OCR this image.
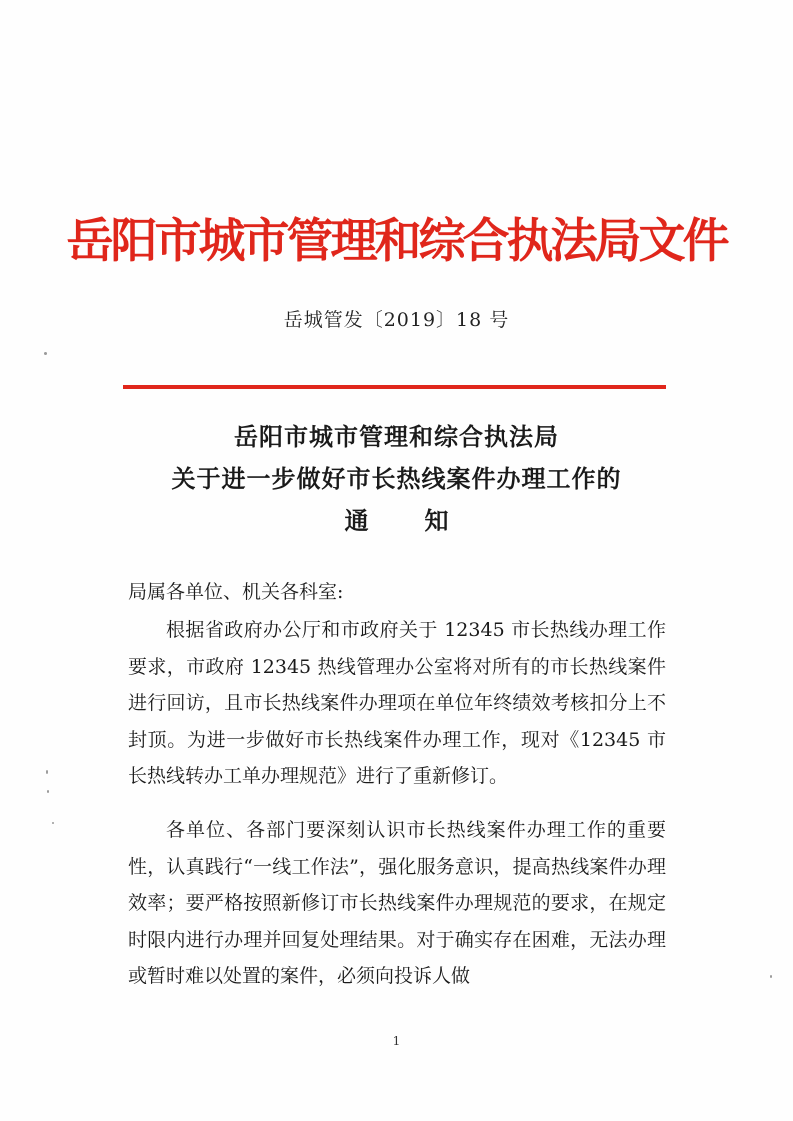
岳阳市城市管理和综合执法局文件
岳城管发〔2019〕18 号
岳阳市城市管理和综合执法局
关于进一步做好市长热线案件办理工作的
通知
局属各单位、机关各科室:

根据省政府办公厅和市政府关于 12345 市长热线办理工作要求，市政府 12345 热线管理办公室将对所有的市长热线案件进行回访，且市长热线案件办理项在单位年终绩效考核扣分上不封顶。为进一步做好市长热线案件办理工作，现对《12345 市长热线转办工单办理规范》进行了重新修订。

各单位、各部门要深刻认识市长热线案件办理工作的重要性，认真践行“一线工作法”，强化服务意识，提高热线案件办理效率；要严格按照新修订市长热线案件办理规范的要求，在规定时限内进行办理并回复处理结果。对于确实存在困难，无法办理或暂时难以处置的案件，必须向投诉人做

1
